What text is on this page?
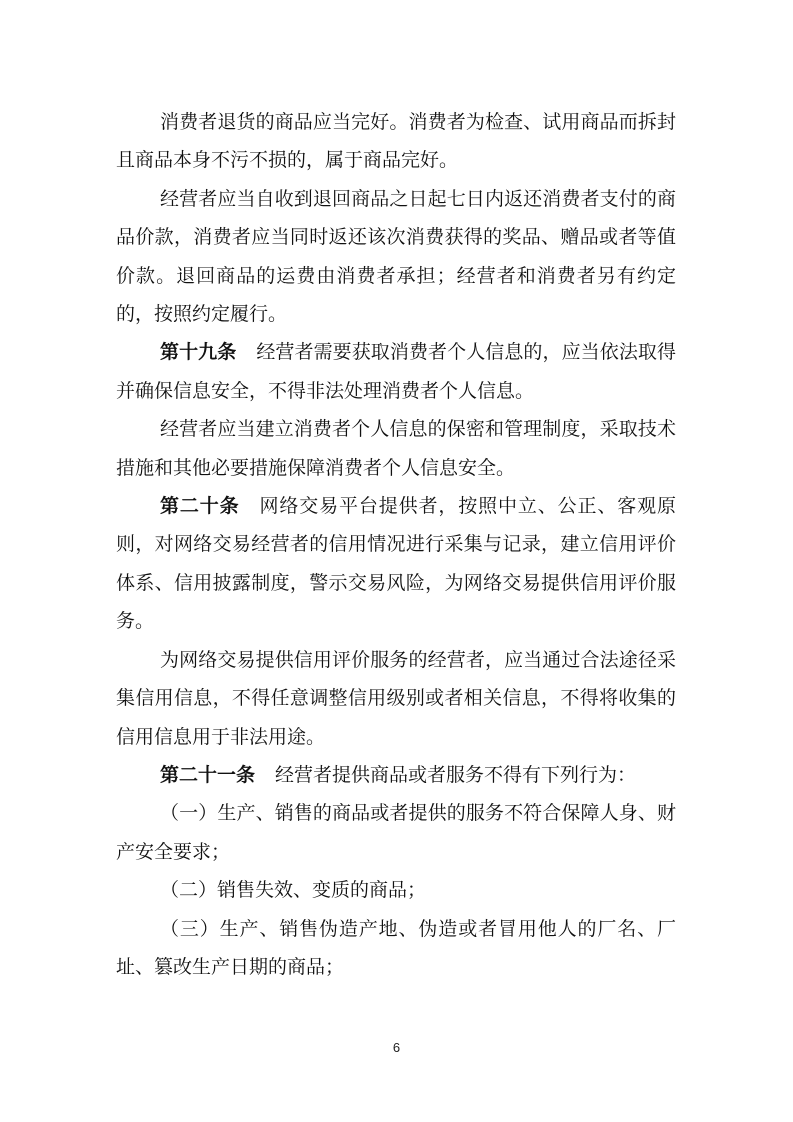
消费者退货的商品应当完好。消费者为检查、试用商品而拆封且商品本身不污不损的，属于商品完好。

经营者应当自收到退回商品之日起七日内返还消费者支付的商品价款，消费者应当同时返还该次消费获得的奖品、赠品或者等值价款。退回商品的运费由消费者承担；经营者和消费者另有约定的，按照约定履行。

第十九条 经营者需要获取消费者个人信息的，应当依法取得并确保信息安全，不得非法处理消费者个人信息。

经营者应当建立消费者个人信息的保密和管理制度，采取技术措施和其他必要措施保障消费者个人信息安全。

第二十条 网络交易平台提供者，按照中立、公正、客观原则，对网络交易经营者的信用情况进行采集与记录，建立信用评价体系、信用披露制度，警示交易风险，为网络交易提供信用评价服务。

为网络交易提供信用评价服务的经营者，应当通过合法途径采集信用信息，不得任意调整信用级别或者相关信息，不得将收集的信用信息用于非法用途。

第二十一条 经营者提供商品或者服务不得有下列行为：

（一）生产、销售的商品或者提供的服务不符合保障人身、财产安全要求；

（二）销售失效、变质的商品；

（三）生产、销售伪造产地、伪造或者冒用他人的厂名、厂址、篡改生产日期的商品；

6
